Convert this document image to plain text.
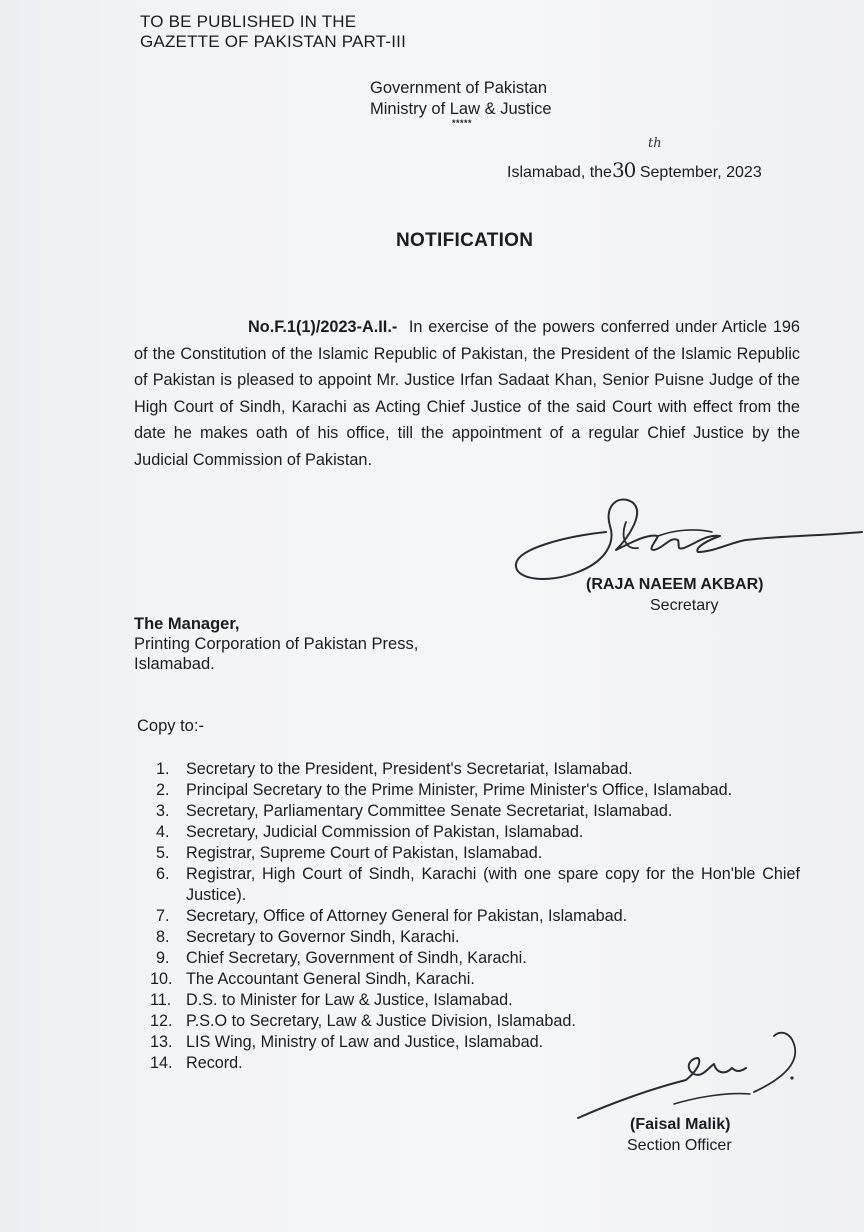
TO BE PUBLISHED IN THE
GAZETTE OF PAKISTAN PART-III
Government of Pakistan
Ministry of Law & Justice
*****
Islamabad, the30
th
September, 2023
NOTIFICATION
No.F.1(1)/2023-A.II.- In exercise of the powers conferred under Article 196 of the Constitution of the Islamic Republic of Pakistan, the President of the Islamic Republic of Pakistan is pleased to appoint Mr. Justice Irfan Sadaat Khan, Senior Puisne Judge of the High Court of Sindh, Karachi as Acting Chief Justice of the said Court with effect from the date he makes oath of his office, till the appointment of a regular Chief Justice by the Judicial Commission of Pakistan.
(RAJA NAEEM AKBAR)
Secretary
The Manager,
Printing Corporation of Pakistan Press,
Islamabad.
Copy to:-
1. Secretary to the President, President's Secretariat, Islamabad.
2. Principal Secretary to the Prime Minister, Prime Minister's Office, Islamabad.
3. Secretary, Parliamentary Committee Senate Secretariat, Islamabad.
4. Secretary, Judicial Commission of Pakistan, Islamabad.
5. Registrar, Supreme Court of Pakistan, Islamabad.
6. Registrar, High Court of Sindh, Karachi (with one spare copy for the Hon'ble Chief Justice).
7. Secretary, Office of Attorney General for Pakistan, Islamabad.
8. Secretary to Governor Sindh, Karachi.
9. Chief Secretary, Government of Sindh, Karachi.
10. The Accountant General Sindh, Karachi.
11. D.S. to Minister for Law & Justice, Islamabad.
12. P.S.O to Secretary, Law & Justice Division, Islamabad.
13. LIS Wing, Ministry of Law and Justice, Islamabad.
14. Record.
(Faisal Malik)
Section Officer
